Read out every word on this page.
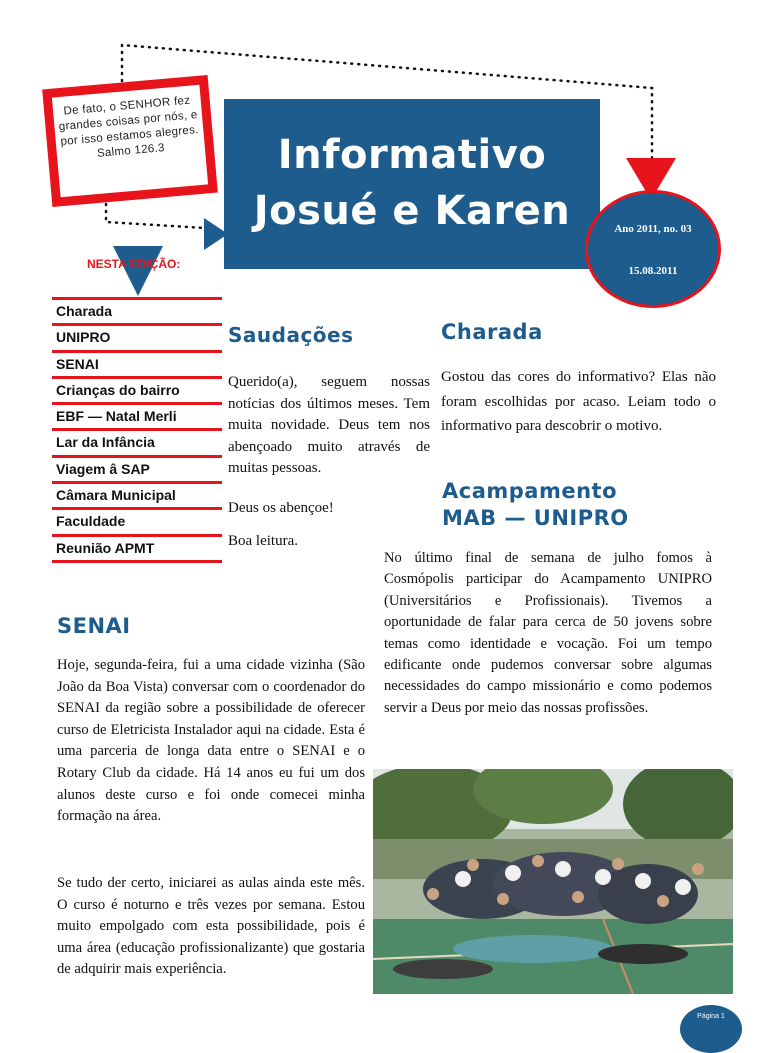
De fato, o SENHOR fez grandes coisas por nós, e por isso estamos alegres. Salmo 126.3	Informativo
Josué e Karen	Ano 2011, no. 03
15.08.2011
NESTA EDIÇÃO:
Charada
UNIPRO
SENAI
Crianças do bairro
EBF — Natal Merli
Lar da Infância
Viagem â SAP
Câmara Municipal
Faculdade
Reunião APMT
Saudações
Querido(a), seguem nossas notícias dos últimos meses. Tem muita novidade. Deus tem nos abençoado muito através de muitas pessoas.
Deus os abençoe!
Boa leitura.
Charada
Gostou das cores do informativo? Elas não foram escolhidas por acaso. Leiam todo o informativo para descobrir o motivo.
Acampamento
MAB — UNIPRO
No último final de semana de julho fomos à Cosmópolis participar do Acampamento UNIPRO (Universitários e Profissionais). Tivemos a oportunidade de falar para cerca de 50 jovens sobre temas como identidade e vocação. Foi um tempo edificante onde pudemos conversar sobre algumas necessidades do campo missionário e como podemos servir a Deus por meio das nossas profissões.
SENAI
Hoje, segunda-feira, fui a uma cidade vizinha (São João da Boa Vista) conversar com o coordenador do SENAI da região sobre a possibilidade de oferecer curso de Eletricista Instalador aqui na cidade. Esta é uma parceria de longa data entre o SENAI e o Rotary Club da cidade. Há 14 anos eu fui um dos alunos deste curso e foi onde comecei minha formação na área.
Se tudo der certo, iniciarei as aulas ainda este mês. O curso é noturno e três vezes por semana. Estou muito empolgado com esta possibilidade, pois é uma área (educação profissionalizante) que gostaria de adquirir mais experiência.
Página 1
